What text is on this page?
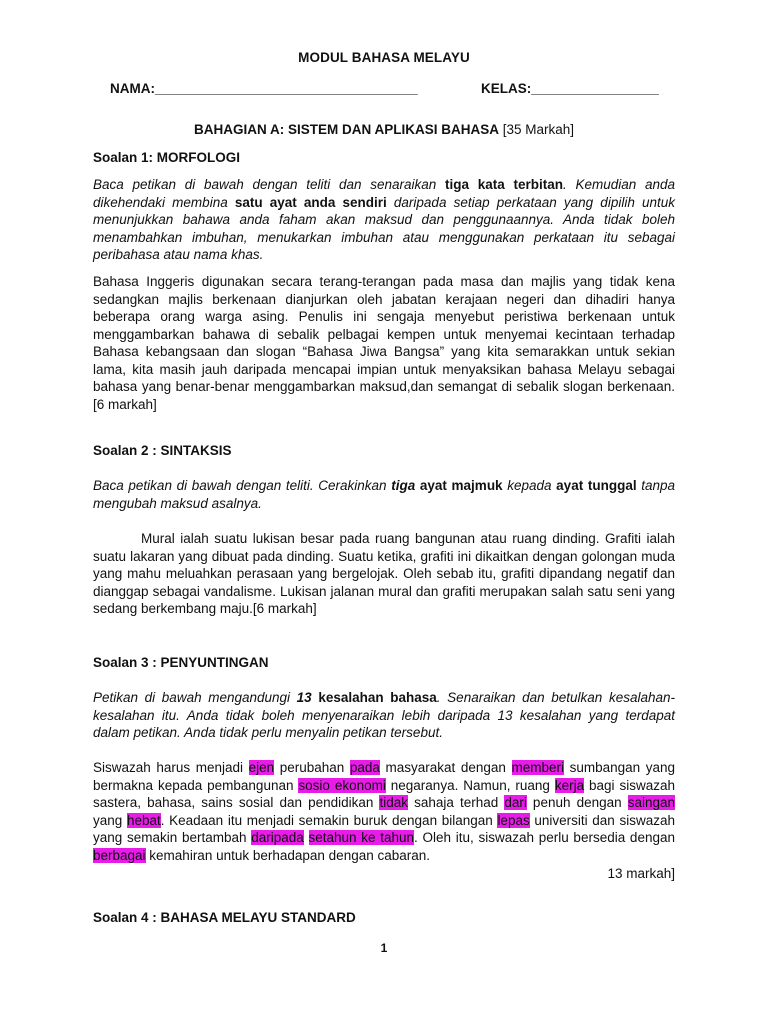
MODUL BAHASA MELAYU
NAMA:___________________________________	KELAS:_________________
BAHAGIAN A: SISTEM DAN APLIKASI BAHASA [35 Markah]
Soalan 1: MORFOLOGI

Baca petikan di bawah dengan teliti dan senaraikan tiga kata terbitan. Kemudian anda dikehendaki membina satu ayat anda sendiri daripada setiap perkataan yang dipilih untuk menunjukkan bahawa anda faham akan maksud dan penggunaannya. Anda tidak boleh menambahkan imbuhan, menukarkan imbuhan atau menggunakan perkataan itu sebagai peribahasa atau nama khas.

Bahasa Inggeris digunakan secara terang-terangan pada masa dan majlis yang tidak kena sedangkan majlis berkenaan dianjurkan oleh jabatan kerajaan negeri dan dihadiri hanya beberapa orang warga asing. Penulis ini sengaja menyebut peristiwa berkenaan untuk menggambarkan bahawa di sebalik pelbagai kempen untuk menyemai kecintaan terhadap Bahasa kebangsaan dan slogan “Bahasa Jiwa Bangsa” yang kita semarakkan untuk sekian lama, kita masih jauh daripada mencapai impian untuk menyaksikan bahasa Melayu sebagai bahasa yang benar-benar menggambarkan maksud,dan semangat di sebalik slogan berkenaan.[6 markah]

Soalan 2 : SINTAKSIS

Baca petikan di bawah dengan teliti. Cerakinkan tiga ayat majmuk kepada ayat tunggal tanpa mengubah maksud asalnya.

Mural ialah suatu lukisan besar pada ruang bangunan atau ruang dinding. Grafiti ialah suatu lakaran yang dibuat pada dinding. Suatu ketika, grafiti ini dikaitkan dengan golongan muda yang mahu meluahkan perasaan yang bergelojak. Oleh sebab itu, grafiti dipandang negatif dan dianggap sebagai vandalisme. Lukisan jalanan mural dan grafiti merupakan salah satu seni yang sedang berkembang maju.[6 markah]

Soalan 3 : PENYUNTINGAN

Petikan di bawah mengandungi 13 kesalahan bahasa. Senaraikan dan betulkan kesalahan-kesalahan itu. Anda tidak boleh menyenaraikan lebih daripada 13 kesalahan yang terdapat dalam petikan. Anda tidak perlu menyalin petikan tersebut.

Siswazah harus menjadi ejen perubahan pada masyarakat dengan memberi sumbangan yang bermakna kepada pembangunan sosio ekonomi negaranya. Namun, ruang kerja bagi siswazah sastera, bahasa, sains sosial dan pendidikan tidak sahaja terhad dari penuh dengan saingan yang hebat. Keadaan itu menjadi semakin buruk dengan bilangan lepas universiti dan siswazah yang semakin bertambah daripada setahun ke tahun. Oleh itu, siswazah perlu bersedia dengan berbagai kemahiran untuk berhadapan dengan cabaran.

13 markah]
Soalan 4 : BAHASA MELAYU STANDARD
1
